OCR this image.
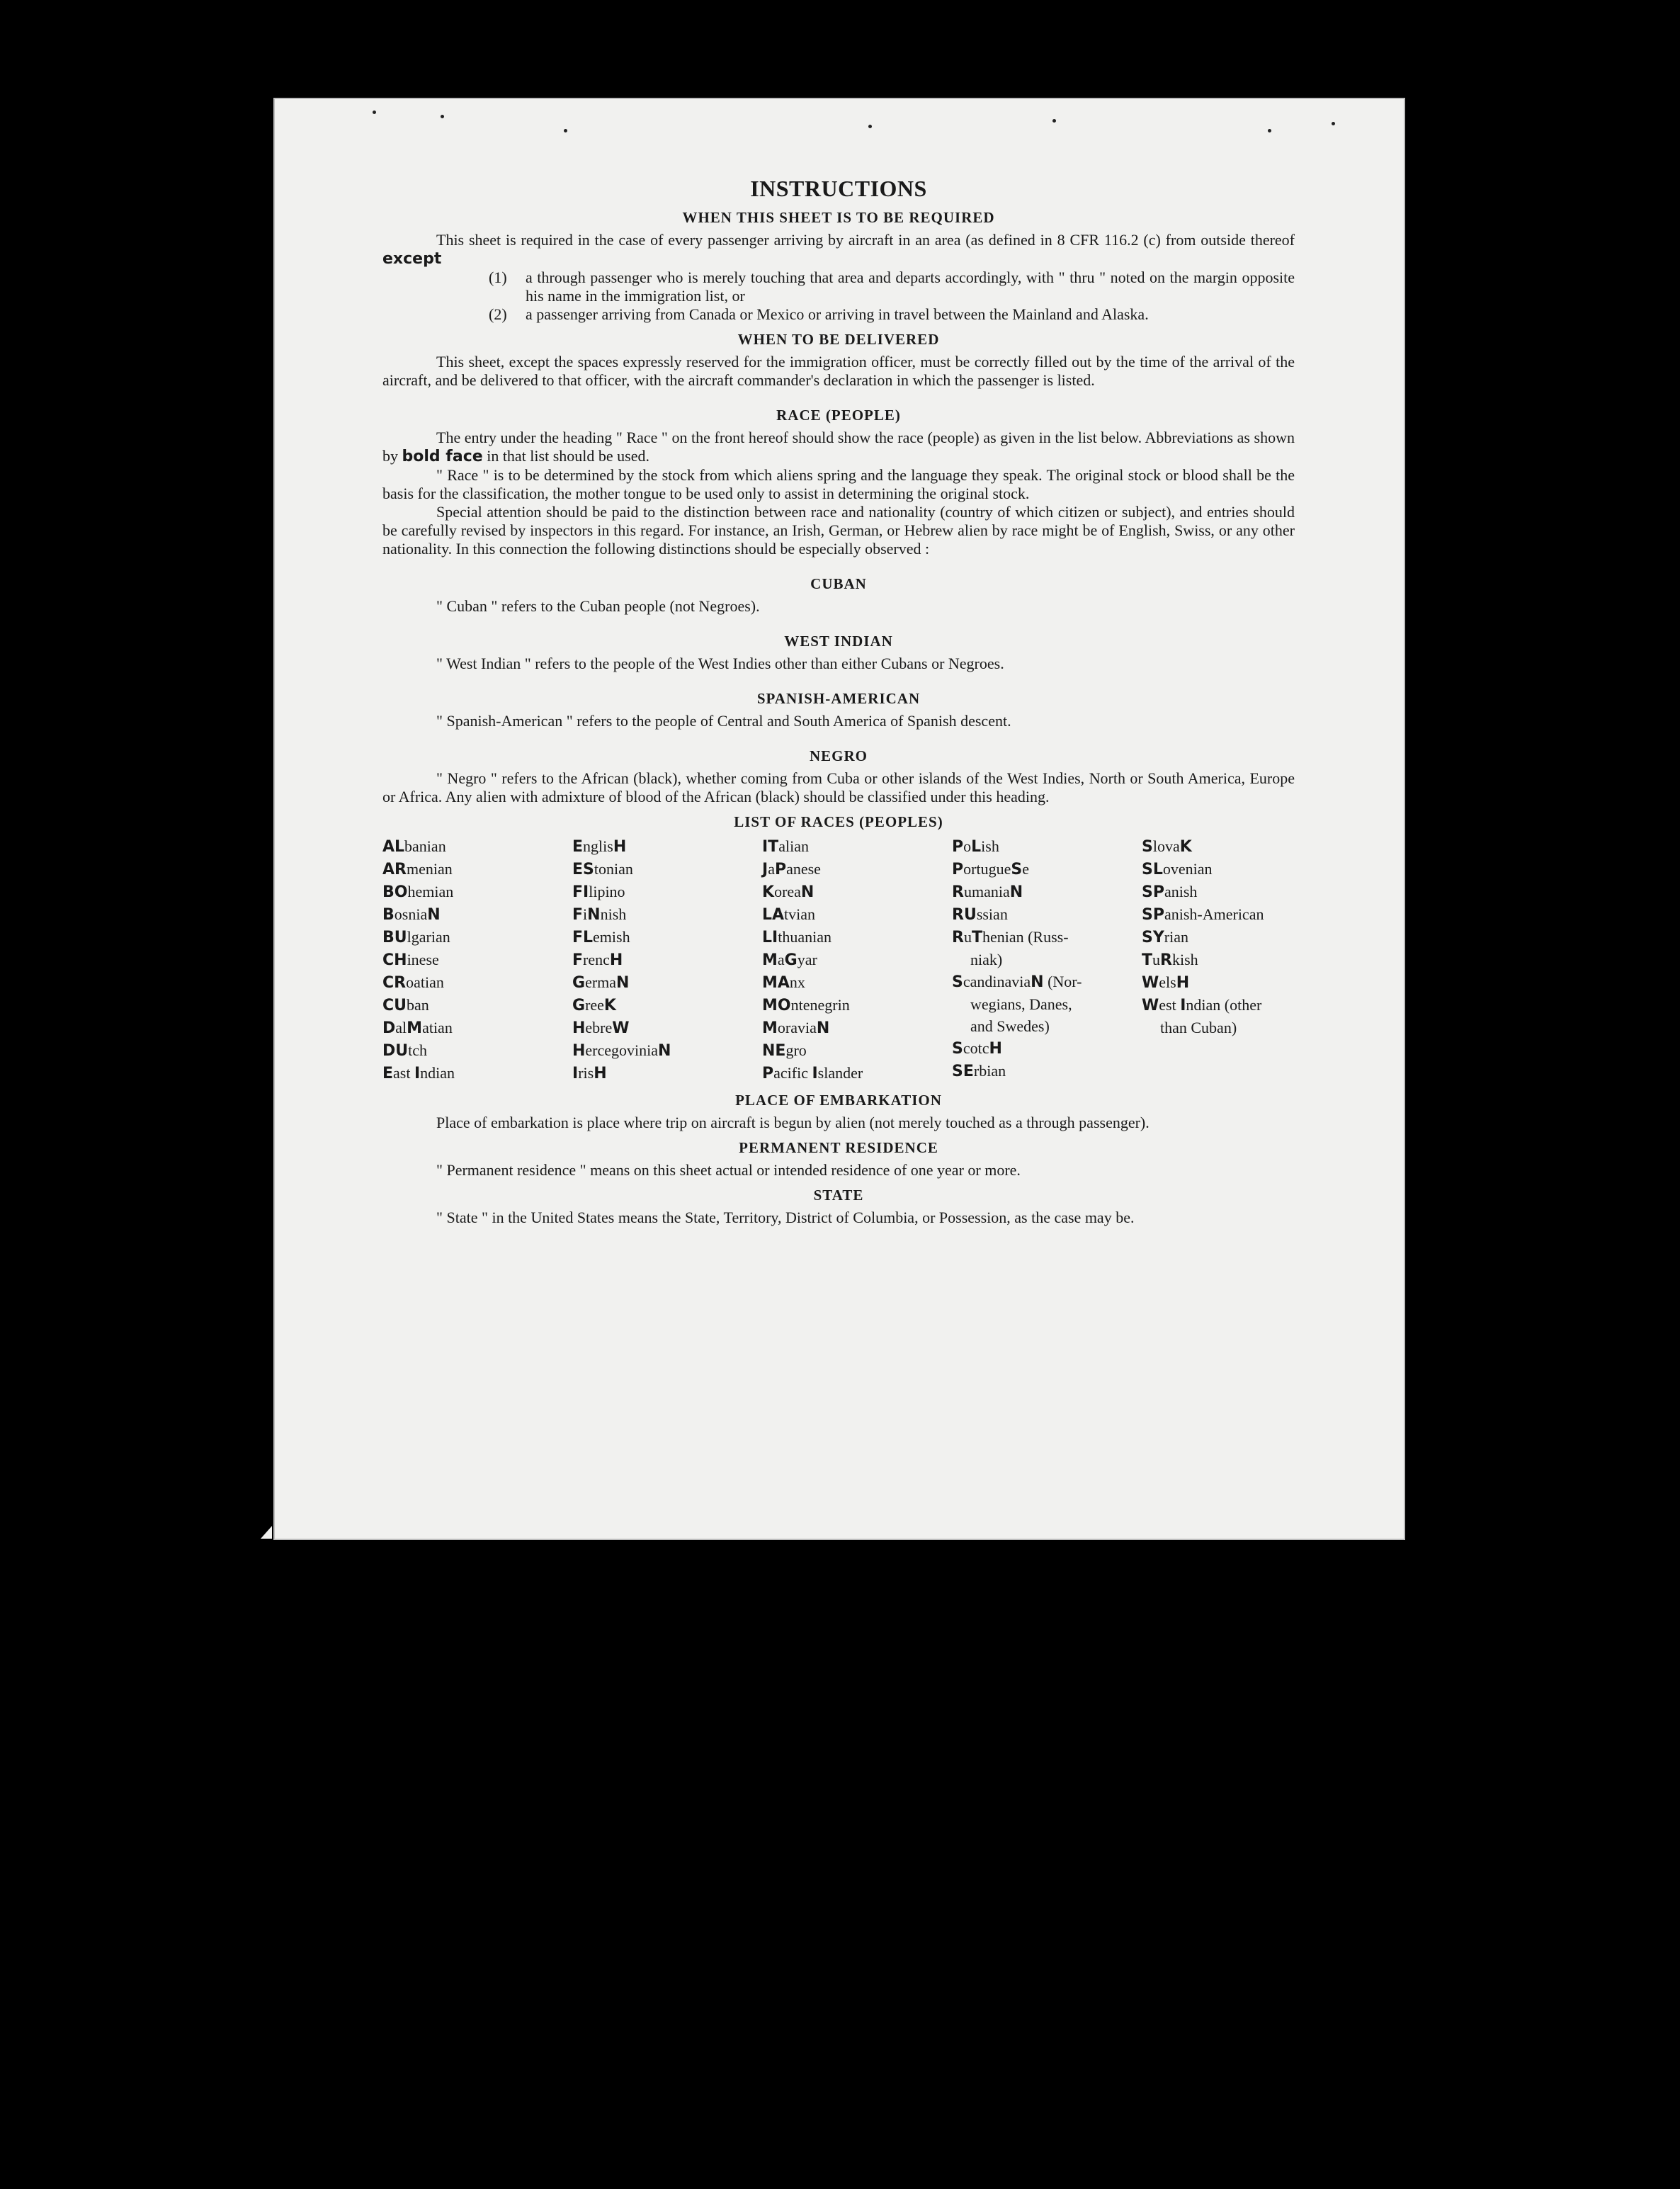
INSTRUCTIONS
WHEN THIS SHEET IS TO BE REQUIRED

This sheet is required in the case of every passenger arriving by aircraft in an area (as defined in 8 CFR 116.2 (c) from outside thereof except

(1)	a through passenger who is merely touching that area and departs accordingly, with " thru " noted on the margin opposite his name in the immigration list, or
(2)	a passenger arriving from Canada or Mexico or arriving in travel between the Mainland and Alaska.
WHEN TO BE DELIVERED

This sheet, except the spaces expressly reserved for the immigration officer, must be correctly filled out by the time of the arrival of the aircraft, and be delivered to that officer, with the aircraft commander's declaration in which the passenger is listed.

RACE (PEOPLE)

The entry under the heading " Race " on the front hereof should show the race (people) as given in the list below. Abbreviations as shown by bold face in that list should be used.

" Race " is to be determined by the stock from which aliens spring and the language they speak. The original stock or blood shall be the basis for the classification, the mother tongue to be used only to assist in determining the original stock.

Special attention should be paid to the distinction between race and nationality (country of which citizen or subject), and entries should be carefully revised by inspectors in this regard. For instance, an Irish, German, or Hebrew alien by race might be of English, Swiss, or any other nationality. In this connection the following distinctions should be especially observed :

CUBAN

" Cuban " refers to the Cuban people (not Negroes).

WEST INDIAN

" West Indian " refers to the people of the West Indies other than either Cubans or Negroes.

SPANISH-AMERICAN

" Spanish-American " refers to the people of Central and South America of Spanish descent.

NEGRO

" Negro " refers to the African (black), whether coming from Cuba or other islands of the West Indies, North or South America, Europe or Africa. Any alien with admixture of blood of the African (black) should be classified under this heading.

LIST OF RACES (PEOPLES)
ALbanian
ARmenian
BOhemian
BosniaN
BUlgarian
CHinese
CRoatian
CUban
DalMatian
DUtch
East Indian
EnglisH
EStonian
FIlipino
FiNnish
FLemish
FrencH
GermaN
GreeK
HebreW
HercegoviniaN
IrisH
ITalian
JaPanese
KoreaN
LAtvian
LIthuanian
MaGyar
MAnx
MOntenegrin
MoraviaN
NEgro
Pacific Islander
PoLish
PortugueSe
RumaniaN
RUssian
RuThenian (Russ-
niak)
ScandinaviaN (Nor-
wegians, Danes,
and Swedes)
ScotcH
SErbian
SlovaK
SLovenian
SPanish
SPanish-American
SYrian
TuRkish
WelsH
West Indian (other
than Cuban)
PLACE OF EMBARKATION

Place of embarkation is place where trip on aircraft is begun by alien (not merely touched as a through passenger).

PERMANENT RESIDENCE

" Permanent residence " means on this sheet actual or intended residence of one year or more.

STATE

" State " in the United States means the State, Territory, District of Columbia, or Possession, as the case may be.
